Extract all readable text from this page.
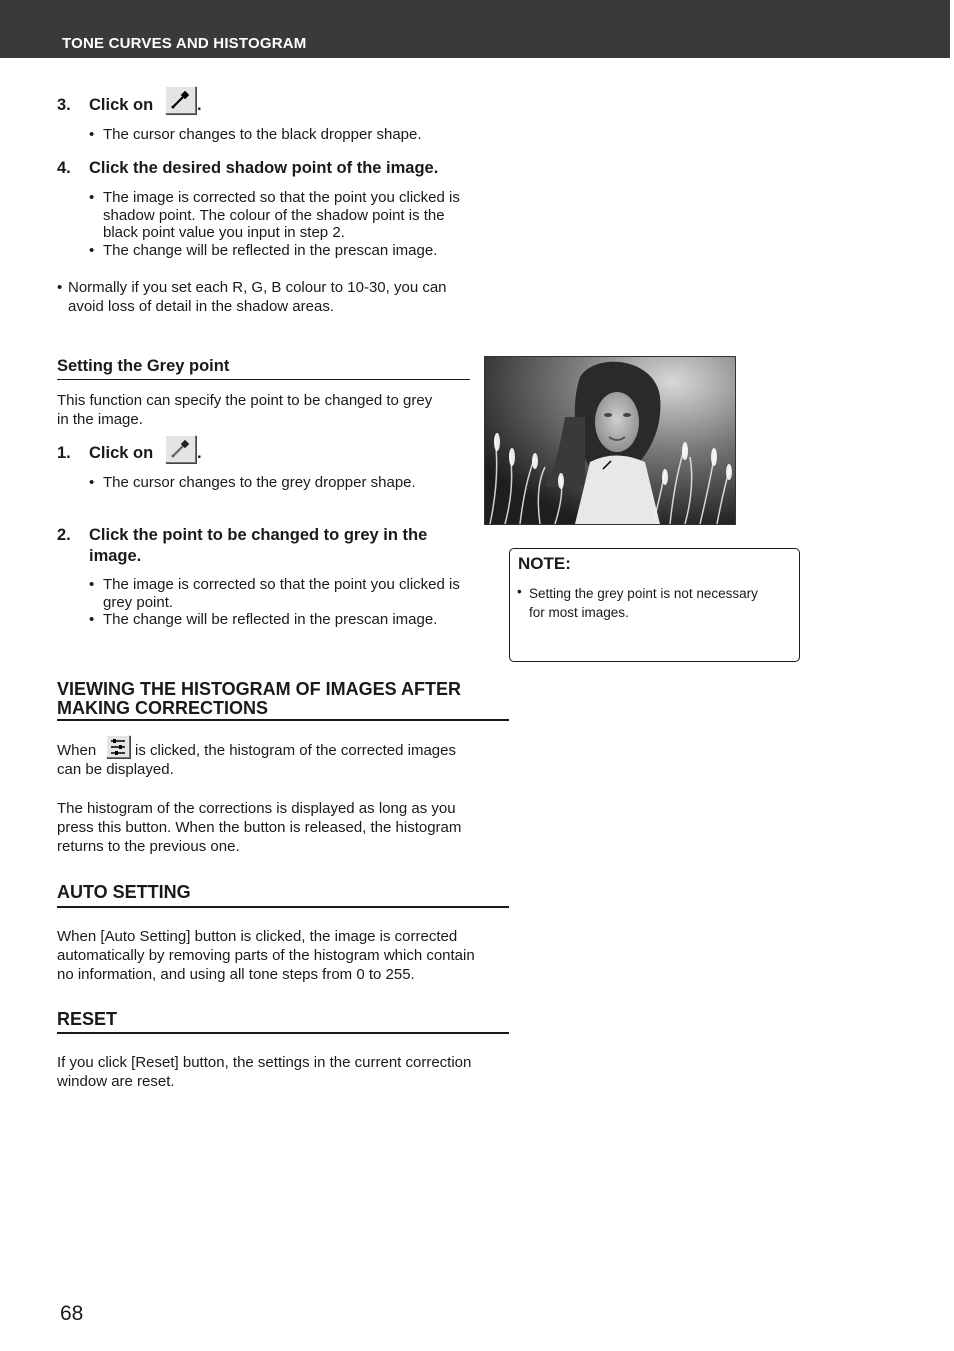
TONE CURVES AND HISTOGRAM
3. Click on	.
• The cursor changes to the black dropper shape.
4. Click the desired shadow point of the image.
• The image is corrected so that the point you clicked is
shadow point. The colour of the shadow point is the
black point value you input in step 2.
• The change will be reflected in the prescan image.
• Normally if you set each R, G, B colour to 10-30, you can
avoid loss of detail in the shadow areas.
Setting the Grey point
This function can specify the point to be changed to grey
in the image.
1. Click on	.
• The cursor changes to the grey dropper shape.
2. Click the point to be changed to grey in the
image.
• The image is corrected so that the point you clicked is
grey point.
• The change will be reflected in the prescan image.
NOTE:
• Setting the grey point is not necessary
for most images.
VIEWING THE HISTOGRAM OF IMAGES AFTER
MAKING CORRECTIONS
When	is clicked, the histogram of the corrected images
can be displayed.
The histogram of the corrections is displayed as long as you
press this button. When the button is released, the histogram
returns to the previous one.
AUTO SETTING
When [Auto Setting] button is clicked, the image is corrected
automatically by removing parts of the histogram which contain
no information, and using all tone steps from 0 to 255.
RESET
If you click [Reset] button, the settings in the current correction
window are reset.
68
